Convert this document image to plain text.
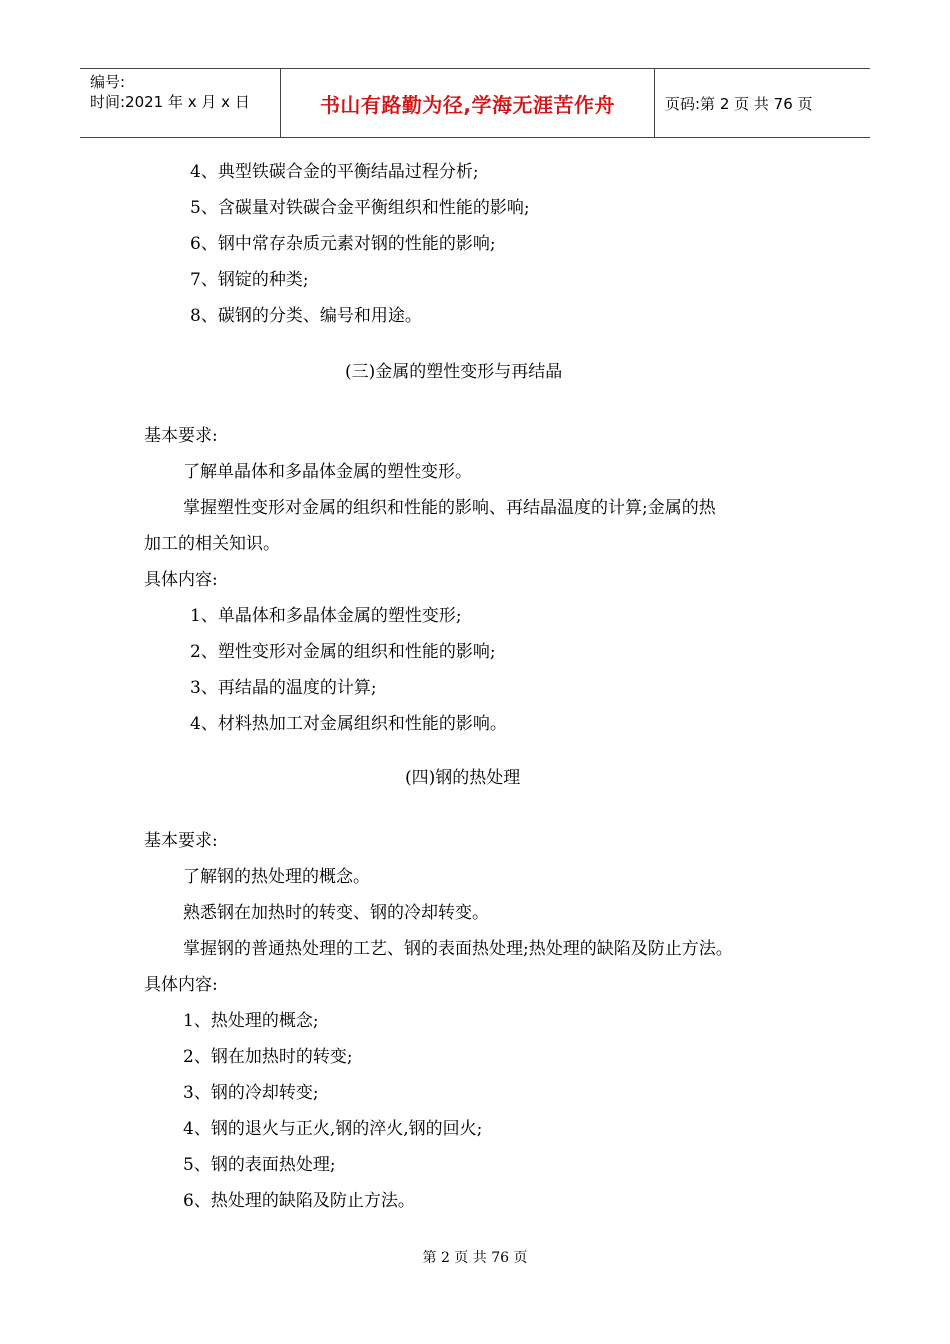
编号:
时间:2021 年 x 月 x 日	书山有路勤为径,学海无涯苦作舟	页码:第 2 页 共 76 页
4、典型铁碳合金的平衡结晶过程分析;
5、含碳量对铁碳合金平衡组织和性能的影响;
6、钢中常存杂质元素对钢的性能的影响;
7、钢锭的种类;
8、碳钢的分类、编号和用途。
(三)金属的塑性变形与再结晶
基本要求:
了解单晶体和多晶体金属的塑性变形。
掌握塑性变形对金属的组织和性能的影响、再结晶温度的计算;金属的热
加工的相关知识。
具体内容:
1、单晶体和多晶体金属的塑性变形;
2、塑性变形对金属的组织和性能的影响;
3、再结晶的温度的计算;
4、材料热加工对金属组织和性能的影响。
(四)钢的热处理
基本要求:
了解钢的热处理的概念。
熟悉钢在加热时的转变、钢的冷却转变。
掌握钢的普通热处理的工艺、钢的表面热处理;热处理的缺陷及防止方法。
具体内容:
1、热处理的概念;
2、钢在加热时的转变;
3、钢的冷却转变;
4、钢的退火与正火,钢的淬火,钢的回火;
5、钢的表面热处理;
6、热处理的缺陷及防止方法。
第 2 页 共 76 页
